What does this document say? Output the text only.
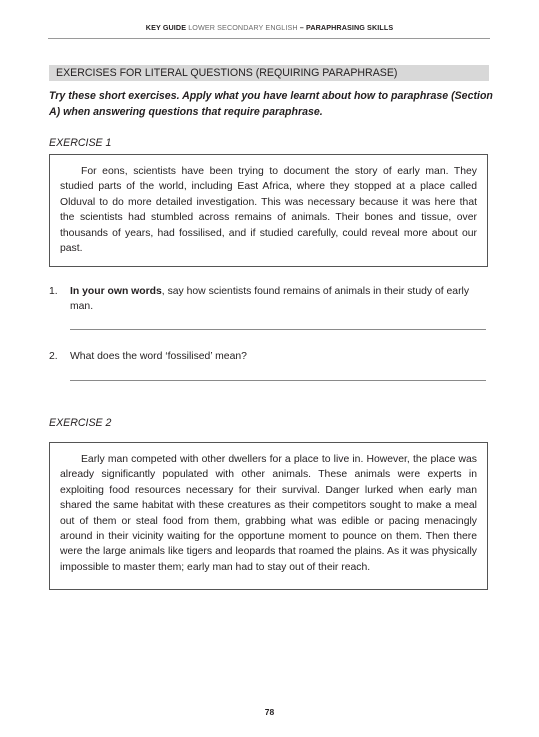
KEY GUIDE LOWER SECONDARY ENGLISH – PARAPHRASING SKILLS
EXERCISES FOR LITERAL QUESTIONS (REQUIRING PARAPHRASE)
Try these short exercises. Apply what you have learnt about how to paraphrase (Section A) when answering questions that require paraphrase.
EXERCISE 1

For eons, scientists have been trying to document the story of early man. They studied parts of the world, including East Africa, where they stopped at a place called Olduval to do more detailed investigation. This was necessary because it was here that the scientists had stumbled across remains of animals. Their bones and tissue, over thousands of years, had fossilised, and if studied carefully, could reveal more about our past.

1. In your own words, say how scientists found remains of animals in their study of early man.
2. What does the word ‘fossilised’ mean?
EXERCISE 2

Early man competed with other dwellers for a place to live in. However, the place was already significantly populated with other animals. These animals were experts in exploiting food resources necessary for their survival. Danger lurked when early man shared the same habitat with these creatures as their competitors sought to make a meal out of them or steal food from them, grabbing what was edible or pacing menacingly around in their vicinity waiting for the opportune moment to pounce on them. Then there were the large animals like tigers and leopards that roamed the plains. As it was physically impossible to master them; early man had to stay out of their reach.

78
